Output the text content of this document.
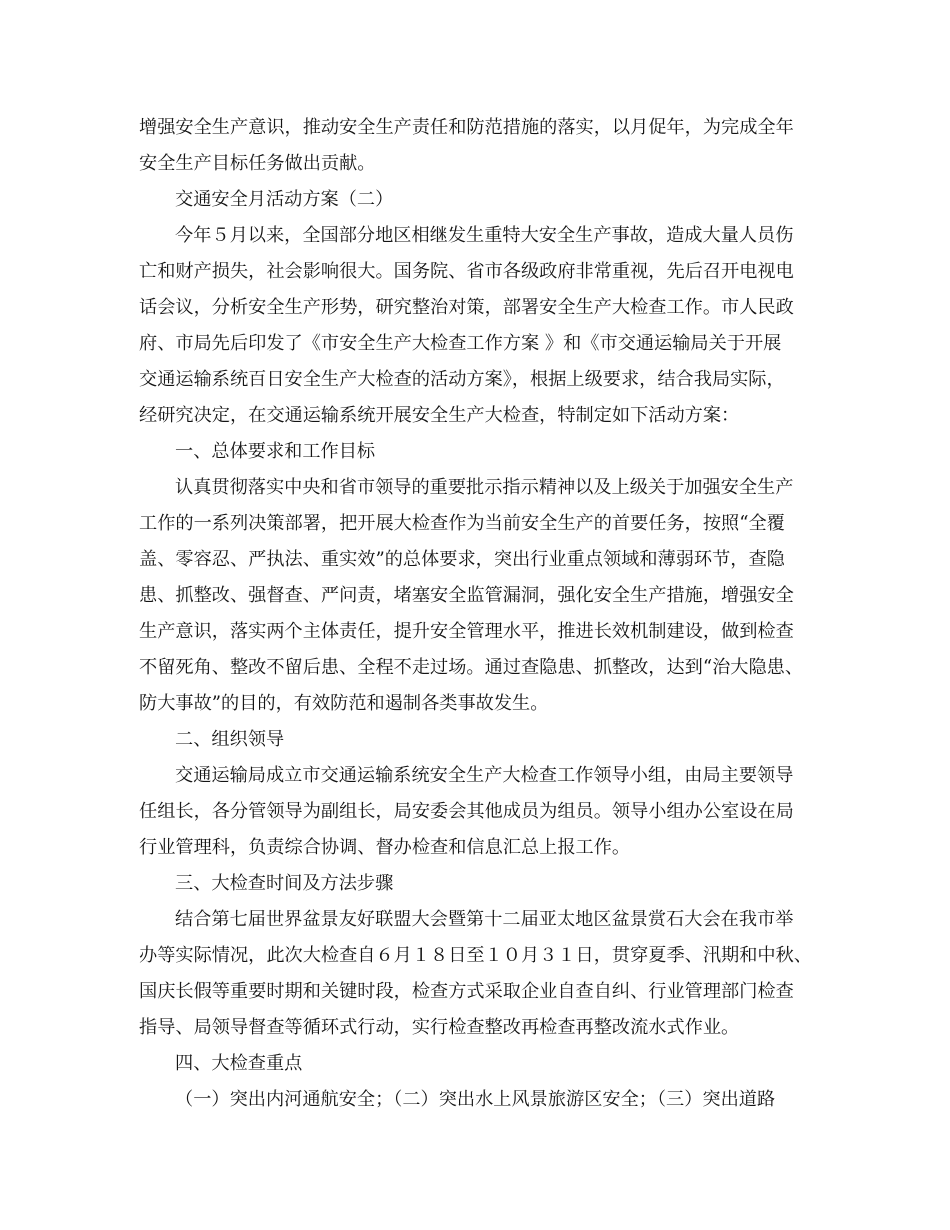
增强安全生产意识，推动安全生产责任和防范措施的落实，以月促年，为完成全年
安全生产目标任务做出贡献。
交通安全月活动方案（二）
今年５月以来，全国部分地区相继发生重特大安全生产事故，造成大量人员伤
亡和财产损失，社会影响很大。国务院、省市各级政府非常重视，先后召开电视电
话会议，分析安全生产形势，研究整治对策，部署安全生产大检查工作。市人民政
府、市局先后印发了《市安全生产大检查工作方案 》和《市交通运输局关于开展
交通运输系统百日安全生产大检查的活动方案》，根据上级要求，结合我局实际，
经研究决定，在交通运输系统开展安全生产大检查，特制定如下活动方案：
一、总体要求和工作目标
认真贯彻落实中央和省市领导的重要批示指示精神以及上级关于加强安全生产
工作的一系列决策部署，把开展大检查作为当前安全生产的首要任务，按照“全覆
盖、零容忍、严执法、重实效”的总体要求，突出行业重点领域和薄弱环节，查隐
患、抓整改、强督查、严问责，堵塞安全监管漏洞，强化安全生产措施，增强安全
生产意识，落实两个主体责任，提升安全管理水平，推进长效机制建设，做到检查
不留死角、整改不留后患、全程不走过场。通过查隐患、抓整改，达到“治大隐患、
防大事故”的目的，有效防范和遏制各类事故发生。
二、组织领导
交通运输局成立市交通运输系统安全生产大检查工作领导小组，由局主要领导
任组长，各分管领导为副组长，局安委会其他成员为组员。领导小组办公室设在局
行业管理科，负责综合协调、督办检查和信息汇总上报工作。
三、大检查时间及方法步骤
结合第七届世界盆景友好联盟大会暨第十二届亚太地区盆景赏石大会在我市举
办等实际情况，此次大检查自６月１８日至１０月３１日，贯穿夏季、汛期和中秋、
国庆长假等重要时期和关键时段，检查方式采取企业自查自纠、行业管理部门检查
指导、局领导督查等循环式行动，实行检查整改再检查再整改流水式作业。
四、大检查重点
（一）突出内河通航安全；（二）突出水上风景旅游区安全；（三）突出道路
